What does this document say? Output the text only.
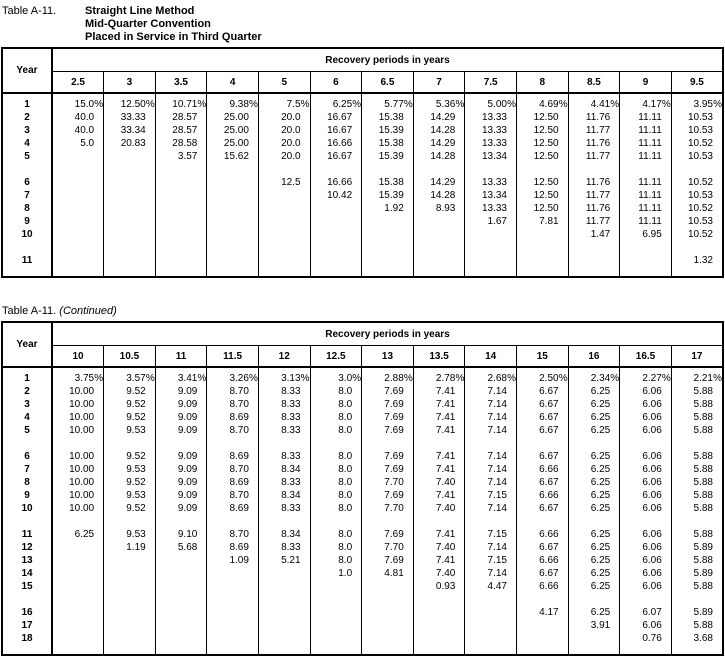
Table A-11.	Straight Line Method
Mid-Quarter Convention
Placed in Service in Third Quarter
Year	Recovery periods in years												
	2.5	3	3.5	4	5	6	6.5	7	7.5	8	8.5	9	9.5

1	15.0%	12.50%	10.71%	9.38%	7.5%	6.25%	5.77%	5.36%	5.00%	4.69%	4.41%	4.17%	3.95%
2	40.0	33.33	28.57	25.00	20.0	16.67	15.38	14.29	13.33	12.50	11.76	11.11	10.53
3	40.0	33.34	28.57	25.00	20.0	16.67	15.39	14.28	13.33	12.50	11.77	11.11	10.53
4	5.0	20.83	28.58	25.00	20.0	16.66	15.38	14.29	13.33	12.50	11.76	11.11	10.52
5			3.57	15.62	20.0	16.67	15.39	14.28	13.34	12.50	11.77	11.11	10.53

6					12.5	16.66	15.38	14.29	13.33	12.50	11.76	11.11	10.52
7						10.42	15.39	14.28	13.34	12.50	11.77	11.11	10.53
8							1.92	8.93	13.33	12.50	11.76	11.11	10.52
9									1.67	7.81	11.77	11.11	10.53
10											1.47	6.95	10.52

11													1.32

Table A-11. (Continued)
Year	Recovery periods in years												
	10	10.5	11	11.5	12	12.5	13	13.5	14	15	16	16.5	17

1	3.75%	3.57%	3.41%	3.26%	3.13%	3.0%	2.88%	2.78%	2.68%	2.50%	2.34%	2.27%	2.21%
2	10.00	9.52	9.09	8.70	8.33	8.0	7.69	7.41	7.14	6.67	6.25	6.06	5.88
3	10.00	9.52	9.09	8.70	8.33	8.0	7.69	7.41	7.14	6.67	6.25	6.06	5.88
4	10.00	9.52	9.09	8.69	8.33	8.0	7.69	7.41	7.14	6.67	6.25	6.06	5.88
5	10.00	9.53	9.09	8.70	8.33	8.0	7.69	7.41	7.14	6.67	6.25	6.06	5.88

6	10.00	9.52	9.09	8.69	8.33	8.0	7.69	7.41	7.14	6.67	6.25	6.06	5.88
7	10.00	9.53	9.09	8.70	8.34	8.0	7.69	7.41	7.14	6.66	6.25	6.06	5.88
8	10.00	9.52	9.09	8.69	8.33	8.0	7.70	7.40	7.14	6.67	6.25	6.06	5.88
9	10.00	9.53	9.09	8.70	8.34	8.0	7.69	7.41	7.15	6.66	6.25	6.06	5.88
10	10.00	9.52	9.09	8.69	8.33	8.0	7.70	7.40	7.14	6.67	6.25	6.06	5.88

11	6.25	9.53	9.10	8.70	8.34	8.0	7.69	7.41	7.15	6.66	6.25	6.06	5.88
12		1.19	5.68	8.69	8.33	8.0	7.70	7.40	7.14	6.67	6.25	6.06	5.89
13				1.09	5.21	8.0	7.69	7.41	7.15	6.66	6.25	6.06	5.88
14						1.0	4.81	7.40	7.14	6.67	6.25	6.06	5.89
15								0.93	4.47	6.66	6.25	6.06	5.88

16										4.17	6.25	6.07	5.89
17											3.91	6.06	5.88
18												0.76	3.68
